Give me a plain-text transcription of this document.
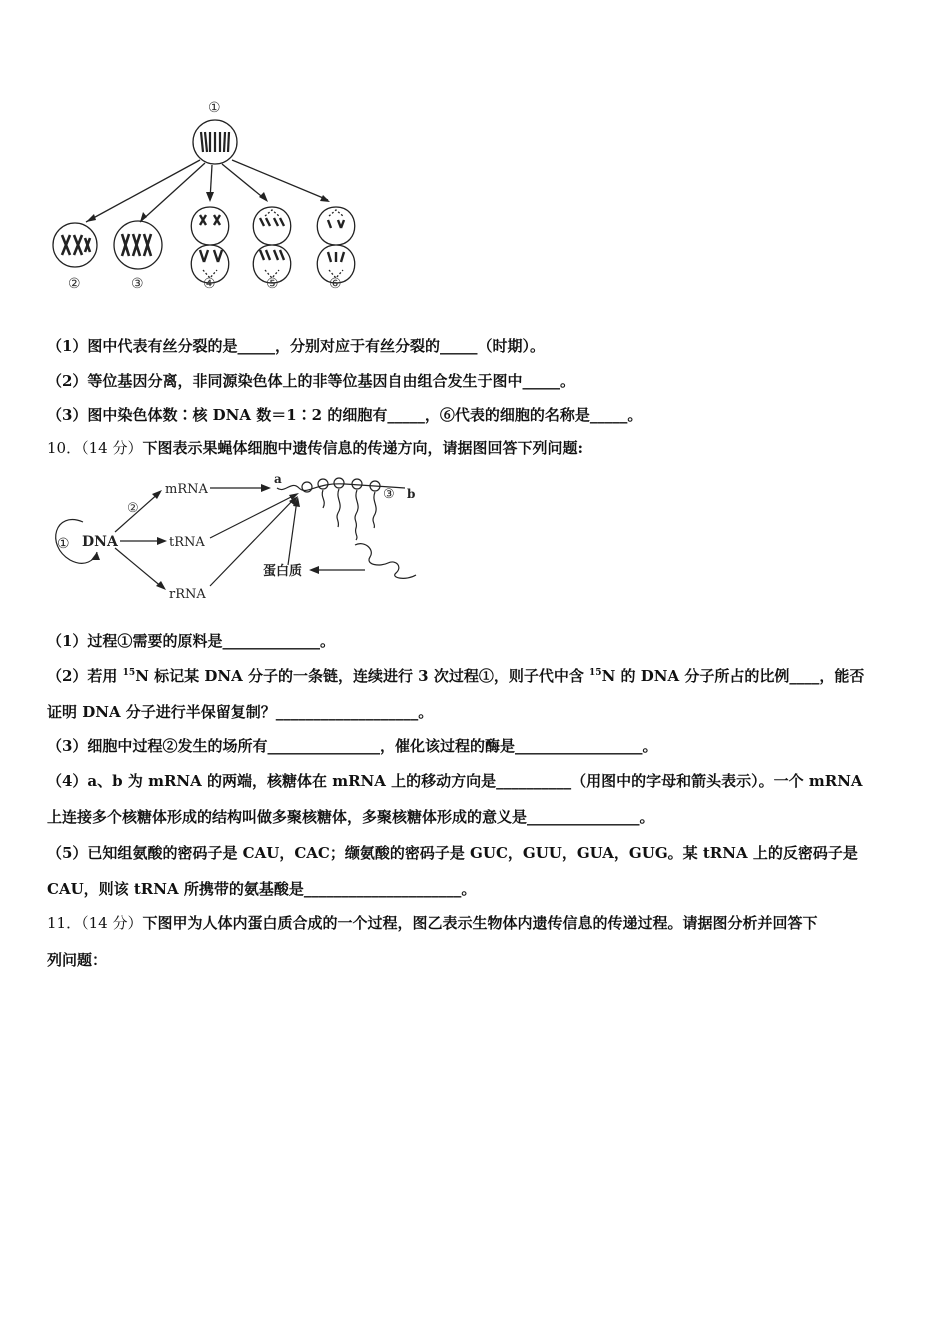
①
②	③	④	⑤	⑥
（1）图中代表有丝分裂的是_____，分别对应于有丝分裂的_____（时期）。
（2）等位基因分离，非同源染色体上的非等位基因自由组合发生于图中_____。
（3）图中染色体数∶核 DNA 数＝1∶2 的细胞有_____，⑥代表的细胞的名称是_____。
10．（14 分）下图表示果蝇体细胞中遗传信息的传递方向，请据图回答下列问题:
① DNA
②
mRNA
tRNA
rRNA
a
③ b
蛋白质
（1）过程①需要的原料是_____________。
（2）若用 $^{15}$N 标记某 DNA 分子的一条链，连续进行 3 次过程①，则子代中含 $^{15}$N 的 DNA 分子所占的比例____，能否
证明 DNA 分子进行半保留复制？___________________。
（3）细胞中过程②发生的场所有_______________，催化该过程的酶是_________________。
（4）a、b 为 mRNA 的两端，核糖体在 mRNA 上的移动方向是__________（用图中的字母和箭头表示）。一个 mRNA
上连接多个核糖体形成的结构叫做多聚核糖体，多聚核糖体形成的意义是_______________。
（5）已知组氨酸的密码子是 CAU，CAC；缬氨酸的密码子是 GUC，GUU，GUA，GUG。某 tRNA 上的反密码子是
CAU，则该 tRNA 所携带的氨基酸是_____________________。
11．（14 分）下图甲为人体内蛋白质合成的一个过程，图乙表示生物体内遗传信息的传递过程。请据图分析并回答下
列问题：
